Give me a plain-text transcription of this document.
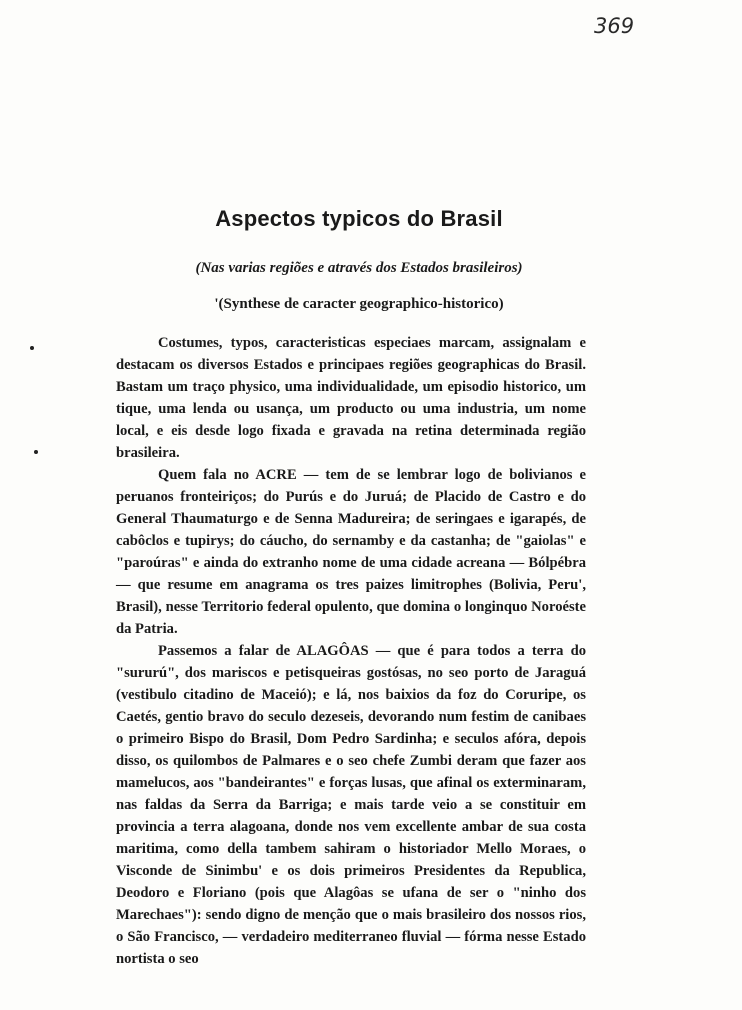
369
Aspectos typicos do Brasil
(Nas varias regiões e através dos Estados brasileiros)
'(Synthese de caracter geographico-historico)

Costumes, typos, caracteristicas especiaes marcam, assignalam e destacam os diversos Estados e principaes regiões geographicas do Brasil. Bastam um traço physico, uma individualidade, um episodio historico, um tique, uma lenda ou usança, um producto ou uma industria, um nome local, e eis desde logo fixada e gravada na retina determinada região brasileira.

Quem fala no ACRE — tem de se lembrar logo de bolivianos e peruanos fronteiriços; do Purús e do Juruá; de Placido de Castro e do General Thaumaturgo e de Senna Madureira; de seringaes e igarapés, de cabôclos e tupirys; do cáucho, do sernamby e da castanha; de "gaiolas" e "paroúras" e ainda do extranho nome de uma cidade acreana — Bólpébra — que resume em anagrama os tres paizes limitrophes (Bolivia, Peru', Brasil), nesse Territorio federal opulento, que domina o longinquo Noroéste da Patria.

Passemos a falar de ALAGÔAS — que é para todos a terra do "sururú", dos mariscos e petisqueiras gostósas, no seo porto de Jaraguá (vestibulo citadino de Maceió); e lá, nos baixios da foz do Coruripe, os Caetés, gentio bravo do seculo dezeseis, devorando num festim de canibaes o primeiro Bispo do Brasil, Dom Pedro Sardinha; e seculos afóra, depois disso, os quilombos de Palmares e o seo chefe Zumbi deram que fazer aos mamelucos, aos "bandeirantes" e forças lusas, que afinal os exterminaram, nas faldas da Serra da Barriga; e mais tarde veio a se constituir em provincia a terra alagoana, donde nos vem excellente ambar de sua costa maritima, como della tambem sahiram o historiador Mello Moraes, o Visconde de Sinimbu' e os dois primeiros Presidentes da Republica, Deodoro e Floriano (pois que Alagôas se ufana de ser o "ninho dos Marechaes"): sendo digno de menção que o mais brasileiro dos nossos rios, o São Francisco, — verdadeiro mediterraneo fluvial — fórma nesse Estado nortista o seo
